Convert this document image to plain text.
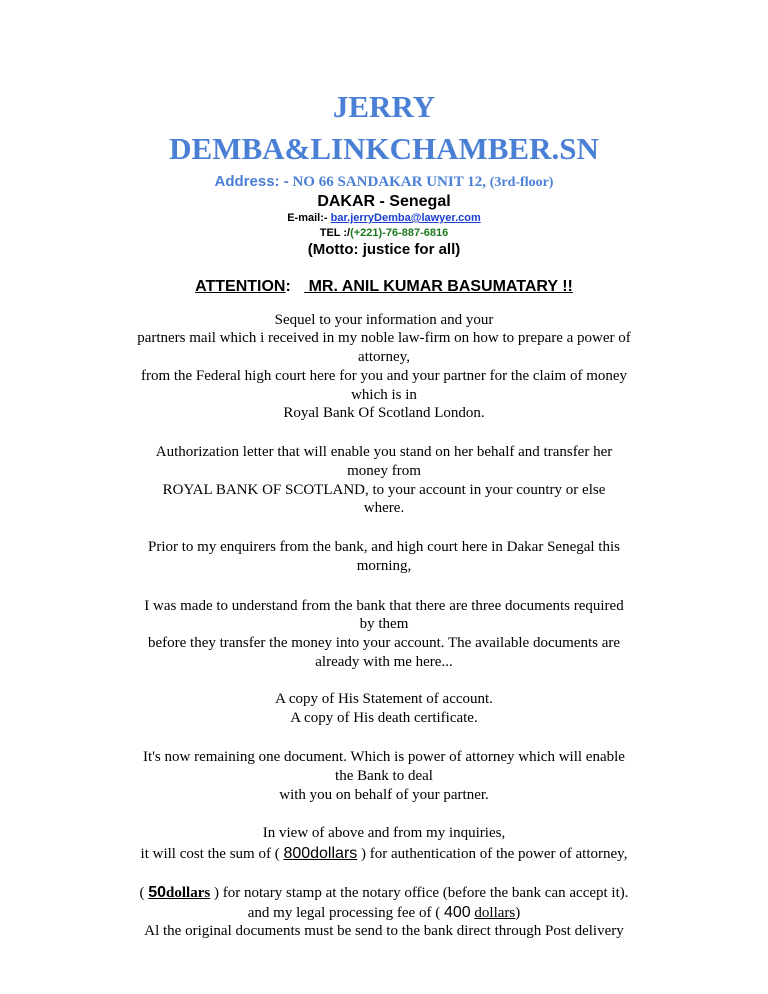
JERRY
DEMBA&LINKCHAMBER.SN
Address: - NO 66 SANDAKAR UNIT 12, (3rd-floor)
DAKAR - Senegal
E-mail:- bar.jerryDemba@lawyer.com
TEL :/(+221)-76-887-6816
(Motto: justice for all)
ATTENTION:    MR. ANIL KUMAR BASUMATARY !!
Sequel to your information and your
partners mail which i received in my noble law-firm on how to prepare a power of
attorney,
from the Federal high court here for you and your partner for the claim of money
which is in
Royal Bank Of Scotland London.
Authorization letter that will enable you stand on her behalf and transfer her
money from
ROYAL BANK OF SCOTLAND, to your account in your country or else
where.
Prior to my enquirers from the bank, and high court here in Dakar Senegal this
morning,
I was made to understand from the bank that there are three documents required
by them
before they transfer the money into your account. The available documents are
already with me here...
A copy of His Statement of account.
A copy of His death certificate.
It's now remaining one document. Which is power of attorney which will enable
the Bank to deal
with you on behalf of your partner.
In view of above and from my inquiries,
it will cost the sum of ( 800dollars ) for authentication of the power of attorney,
( 50dollars ) for notary stamp at the notary office (before the bank can accept it).
and my legal processing fee of ( 400 dollars)
Al the original documents must be send to the bank direct through Post delivery
